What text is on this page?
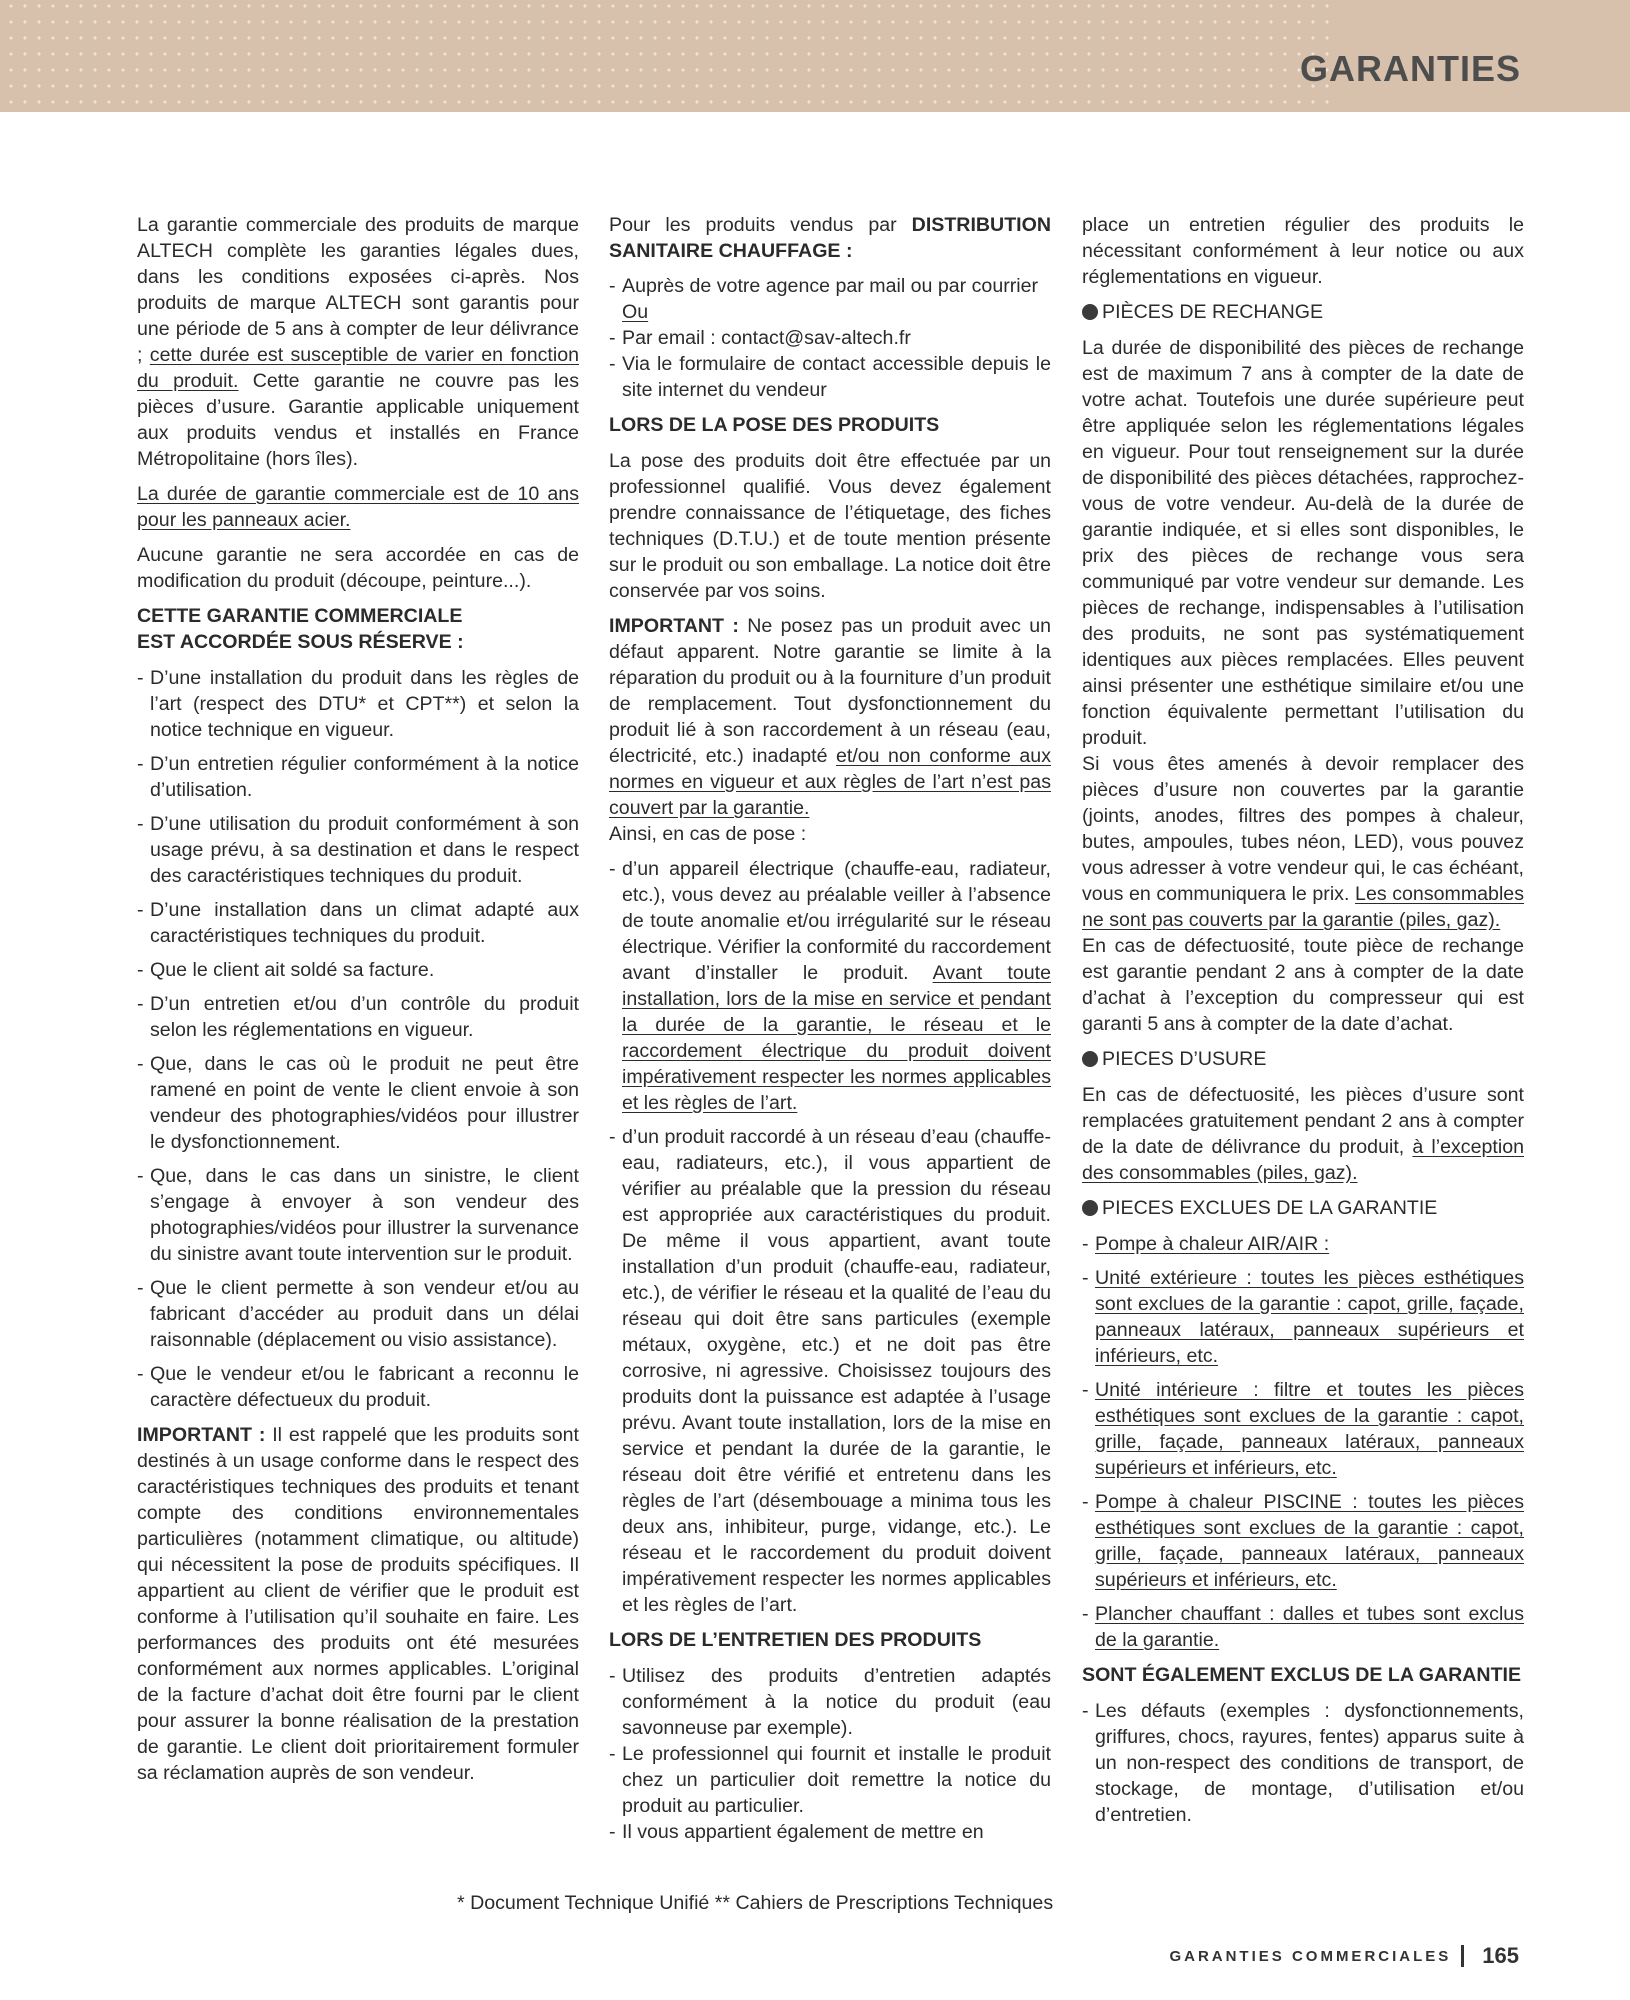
GARANTIES

La garantie commerciale des produits de marque ALTECH complète les garanties légales dues, dans les conditions exposées ci-après. Nos produits de marque ALTECH sont garantis pour une période de 5 ans à compter de leur délivrance ; cette durée est susceptible de varier en fonction du produit. Cette garantie ne couvre pas les pièces d’usure. Garantie applicable uniquement aux produits vendus et installés en France Métropolitaine (hors îles).

La durée de garantie commerciale est de 10 ans pour les panneaux acier.

Aucune garantie ne sera accordée en cas de modification du produit (découpe, peinture...).

CETTE GARANTIE COMMERCIALE
EST ACCORDÉE SOUS RÉSERVE :
- D’une installation du produit dans les règles de l’art (respect des DTU* et CPT**) et selon la notice technique en vigueur.
- D’un entretien régulier conformément à la notice d’utilisation.
- D’une utilisation du produit conformément à son usage prévu, à sa destination et dans le respect des caractéristiques techniques du produit.
- D’une installation dans un climat adapté aux caractéristiques techniques du produit.
- Que le client ait soldé sa facture.
- D’un entretien et/ou d’un contrôle du produit selon les réglementations en vigueur.
- Que, dans le cas où le produit ne peut être ramené en point de vente le client envoie à son vendeur des photographies/vidéos pour illustrer le dysfonctionnement.
- Que, dans le cas dans un sinistre, le client s’engage à envoyer à son vendeur des photographies/vidéos pour illustrer la survenance du sinistre avant toute intervention sur le produit.
- Que le client permette à son vendeur et/ou au fabricant d’accéder au produit dans un délai raisonnable (déplacement ou visio assistance).
- Que le vendeur et/ou le fabricant a reconnu le caractère défectueux du produit.

IMPORTANT : Il est rappelé que les produits sont destinés à un usage conforme dans le respect des caractéristiques techniques des produits et tenant compte des conditions environnementales particulières (notamment climatique, ou altitude) qui nécessitent la pose de produits spécifiques. Il appartient au client de vérifier que le produit est conforme à l’utilisation qu’il souhaite en faire. Les performances des produits ont été mesurées conformément aux normes applicables. L’original de la facture d’achat doit être fourni par le client pour assurer la bonne réalisation de la prestation de garantie. Le client doit prioritairement formuler sa réclamation auprès de son vendeur.

Pour les produits vendus par DISTRIBUTION SANITAIRE CHAUFFAGE :

- Auprès de votre agence par mail ou par courrier
Ou
- Par email : contact@sav-altech.fr
- Via le formulaire de contact accessible depuis le site internet du vendeur
LORS DE LA POSE DES PRODUITS

La pose des produits doit être effectuée par un professionnel qualifié. Vous devez également prendre connaissance de l’étiquetage, des fiches techniques (D.T.U.) et de toute mention présente sur le produit ou son emballage. La notice doit être conservée par vos soins.

IMPORTANT : Ne posez pas un produit avec un défaut apparent. Notre garantie se limite à la réparation du produit ou à la fourniture d’un produit de remplacement. Tout dysfonctionnement du produit lié à son raccordement à un réseau (eau, électricité, etc.) inadapté et/ou non conforme aux normes en vigueur et aux règles de l’art n’est pas couvert par la garantie.

Ainsi, en cas de pose :

- d’un appareil électrique (chauffe-eau, radiateur, etc.), vous devez au préalable veiller à l’absence de toute anomalie et/ou irrégularité sur le réseau électrique. Vérifier la conformité du raccordement avant d’installer le produit. Avant toute installation, lors de la mise en service et pendant la durée de la garantie, le réseau et le raccordement électrique du produit doivent impérativement respecter les normes applicables et les règles de l’art.
- d’un produit raccordé à un réseau d’eau (chauffe-eau, radiateurs, etc.), il vous appartient de vérifier au préalable que la pression du réseau est appropriée aux caractéristiques du produit. De même il vous appartient, avant toute installation d’un produit (chauffe-eau, radiateur, etc.), de vérifier le réseau et la qualité de l’eau du réseau qui doit être sans particules (exemple métaux, oxygène, etc.) et ne doit pas être corrosive, ni agressive. Choisissez toujours des produits dont la puissance est adaptée à l’usage prévu. Avant toute installation, lors de la mise en service et pendant la durée de la garantie, le réseau doit être vérifié et entretenu dans les règles de l’art (désembouage a minima tous les deux ans, inhibiteur, purge, vidange, etc.). Le réseau et le raccordement du produit doivent impérativement respecter les normes applicables et les règles de l’art.
LORS DE L’ENTRETIEN DES PRODUITS
- Utilisez des produits d’entretien adaptés conformément à la notice du produit (eau savonneuse par exemple).
- Le professionnel qui fournit et installe le produit chez un particulier doit remettre la notice du produit au particulier.
- Il vous appartient également de mettre en

place un entretien régulier des produits le nécessitant conformément à leur notice ou aux réglementations en vigueur.

PIÈCES DE RECHANGE

La durée de disponibilité des pièces de rechange est de maximum 7 ans à compter de la date de votre achat. Toutefois une durée supérieure peut être appliquée selon les réglementations légales en vigueur. Pour tout renseignement sur la durée de disponibilité des pièces détachées, rapprochez-vous de votre vendeur. Au-delà de la durée de garantie indiquée, et si elles sont disponibles, le prix des pièces de rechange vous sera communiqué par votre vendeur sur demande. Les pièces de rechange, indispensables à l’utilisation des produits, ne sont pas systématiquement identiques aux pièces remplacées. Elles peuvent ainsi présenter une esthétique similaire et/ou une fonction équivalente permettant l’utilisation du produit.

Si vous êtes amenés à devoir remplacer des pièces d’usure non couvertes par la garantie (joints, anodes, filtres des pompes à chaleur, butes, ampoules, tubes néon, LED), vous pouvez vous adresser à votre vendeur qui, le cas échéant, vous en communiquera le prix. Les consommables ne sont pas couverts par la garantie (piles, gaz).

En cas de défectuosité, toute pièce de rechange est garantie pendant 2 ans à compter de la date d’achat à l’exception du compresseur qui est garanti 5 ans à compter de la date d’achat.

PIECES D’USURE

En cas de défectuosité, les pièces d’usure sont remplacées gratuitement pendant 2 ans à compter de la date de délivrance du produit, à l’exception des consommables (piles, gaz).

PIECES EXCLUES DE LA GARANTIE
- Pompe à chaleur AIR/AIR :
- Unité extérieure : toutes les pièces esthétiques sont exclues de la garantie : capot, grille, façade, panneaux latéraux, panneaux supérieurs et inférieurs, etc.
- Unité intérieure : filtre et toutes les pièces esthétiques sont exclues de la garantie : capot, grille, façade, panneaux latéraux, panneaux supérieurs et inférieurs, etc.
- Pompe à chaleur PISCINE : toutes les pièces esthétiques sont exclues de la garantie : capot, grille, façade, panneaux latéraux, panneaux supérieurs et inférieurs, etc.
- Plancher chauffant : dalles et tubes sont exclus de la garantie.
SONT ÉGALEMENT EXCLUS DE LA GARANTIE
- Les défauts (exemples : dysfonctionnements, griffures, chocs, rayures, fentes) apparus suite à un non-respect des conditions de transport, de stockage, de montage, d’utilisation et/ou d’entretien.

* Document Technique Unifié ** Cahiers de Prescriptions Techniques

GARANTIES COMMERCIALES 165
